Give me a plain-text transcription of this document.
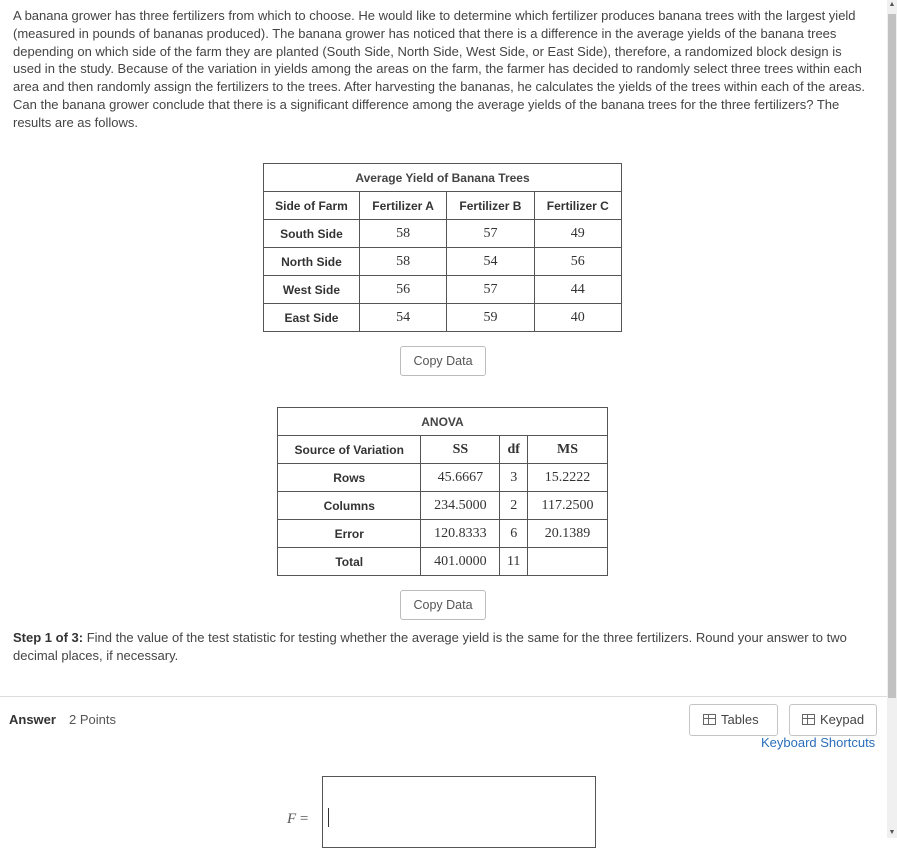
A banana grower has three fertilizers from which to choose. He would like to determine which fertilizer produces banana trees with the largest yield (measured in pounds of bananas produced). The banana grower has noticed that there is a difference in the average yields of the banana trees depending on which side of the farm they are planted (South Side, North Side, West Side, or East Side), therefore, a randomized block design is used in the study. Because of the variation in yields among the areas on the farm, the farmer has decided to randomly select three trees within each area and then randomly assign the fertilizers to the trees. After harvesting the bananas, he calculates the yields of the trees within each of the areas. Can the banana grower conclude that there is a significant difference among the average yields of the banana trees for the three fertilizers? The results are as follows.
Average Yield of Banana Trees			
Side of Farm	Fertilizer A	Fertilizer B	Fertilizer C
South Side	58	57	49
North Side	58	54	56
West Side	56	57	44
East Side	54	59	40
Copy Data
ANOVA			
Source of Variation	SS	df	MS
Rows	45.6667	3	15.2222
Columns	234.5000	2	117.2500
Error	120.8333	6	20.1389
Total	401.0000	11	
Copy Data
Step 1 of 3: Find the value of the test statistic for testing whether the average yield is the same for the three fertilizers. Round your answer to two decimal places, if necessary.
Answer 2 Points	Tables	Keypad
Keyboard Shortcuts
F =
▲
▼
